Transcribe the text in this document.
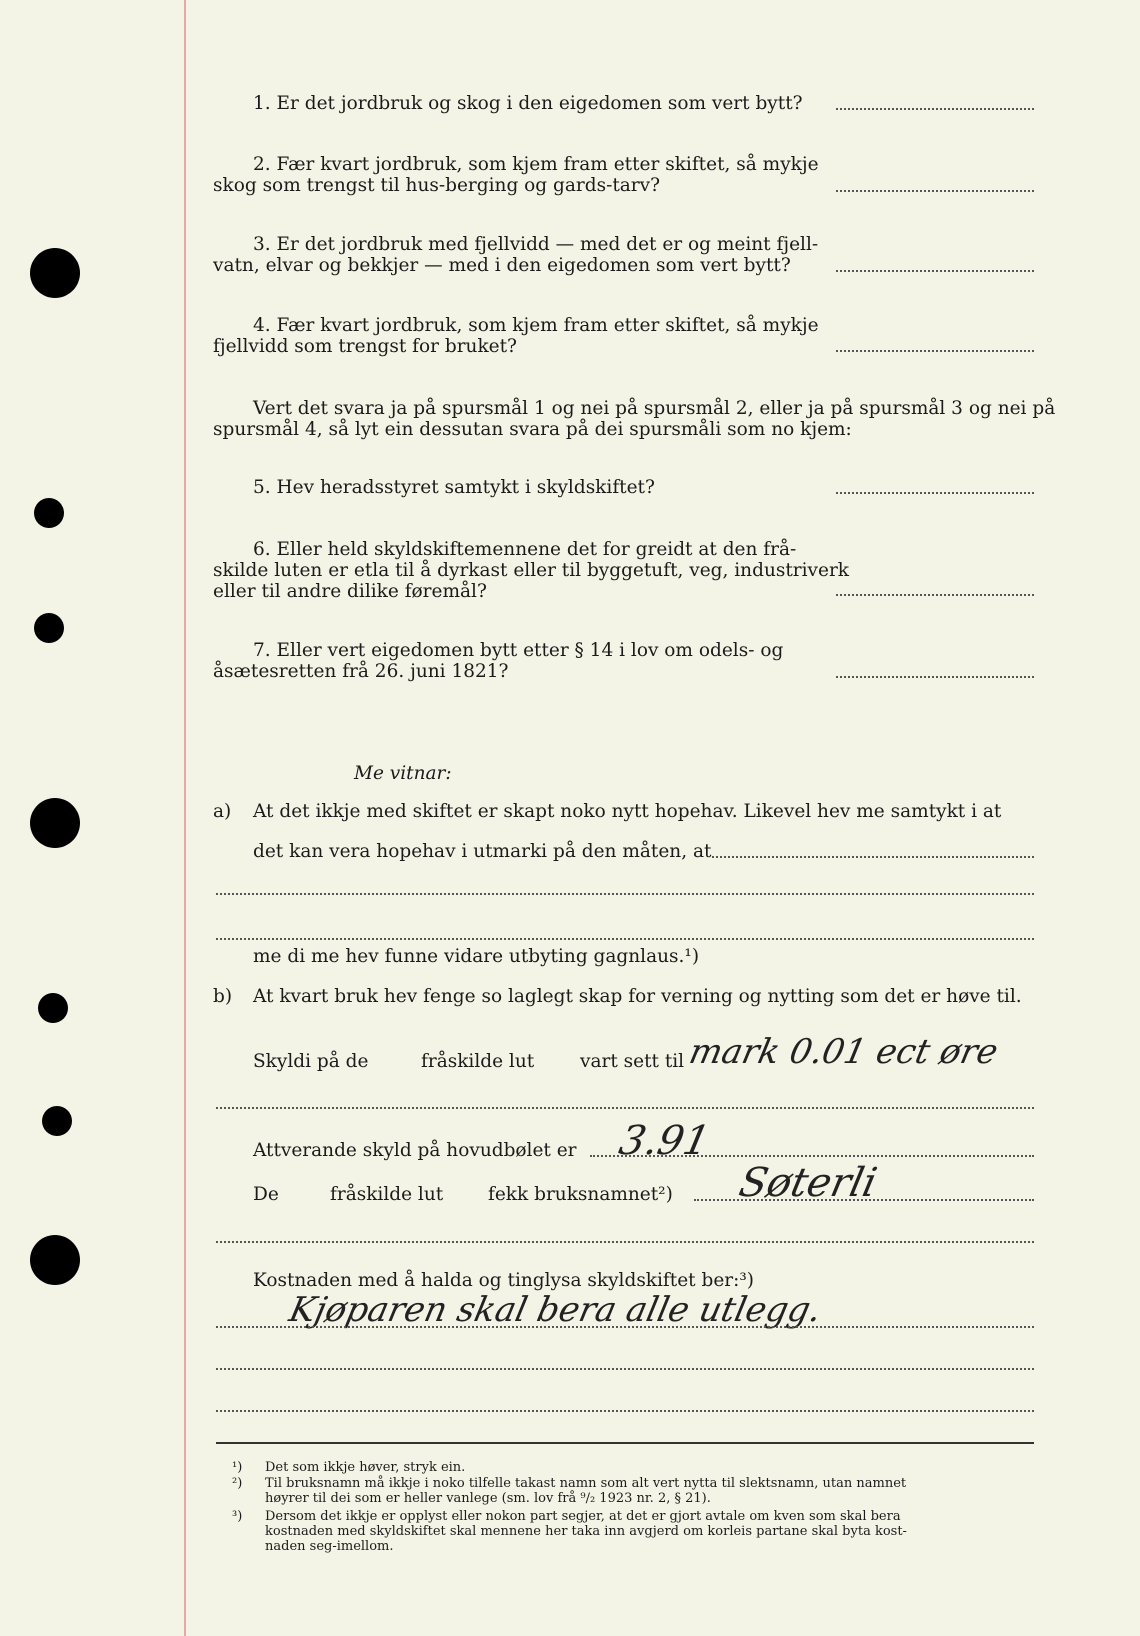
1. Er det jordbruk og skog i den eigedomen som vert bytt?
2. Fær kvart jordbruk, som kjem fram etter skiftet, så mykje
skog som trengst til hus‑berging og gards‑tarv?
3. Er det jordbruk med fjellvidd — med det er og meint fjell‑
vatn, elvar og bekkjer — med i den eigedomen som vert bytt?
4. Fær kvart jordbruk, som kjem fram etter skiftet, så mykje
fjellvidd som trengst for bruket?
Vert det svara ja på spursmål 1 og nei på spursmål 2, eller ja på spursmål 3 og nei på
spursmål 4, så lyt ein dessutan svara på dei spursmåli som no kjem:
5. Hev heradsstyret samtykt i skyldskiftet?
6. Eller held skyldskiftemennene det for greidt at den frå‑
skilde luten er etla til å dyrkast eller til byggetuft, veg, industriverk
eller til andre dilike føremål?
7. Eller vert eigedomen bytt etter § 14 i lov om odels‑ og
åsætesretten frå 26. juni 1821?
Me vitnar:
a) At det ikkje med skiftet er skapt noko nytt hopehav. Likevel hev me samtykt i at
det kan vera hopehav i utmarki på den måten, at
me di me hev funne vidare utbyting gagnlaus.¹)
b) At kvart bruk hev fenge so laglegt skap for verning og nytting som det er høve til.
Skyldi på de	fråskilde lut vart sett til mark 0.01 ect øre
Attverande skyld på hovudbølet er 3.91
De	fråskilde lut fekk bruksnamnet²) Søterli
Kostnaden med å halda og tinglysa skyldskiftet ber:³)
Kjøparen skal bera alle utlegg.
¹) Det som ikkje høver, stryk ein.
²) Til bruksnamn må ikkje i noko tilfelle takast namn som alt vert nytta til slektsnamn, utan namnet
høyrer til dei som er heller vanlege (sm. lov frå ⁹/₂ 1923 nr. 2, § 21).
³) Dersom det ikkje er opplyst eller nokon part segjer, at det er gjort avtale om kven som skal bera
kostnaden med skyldskiftet skal mennene her taka inn avgjerd om korleis partane skal byta kost‑
naden seg‑imellom.
